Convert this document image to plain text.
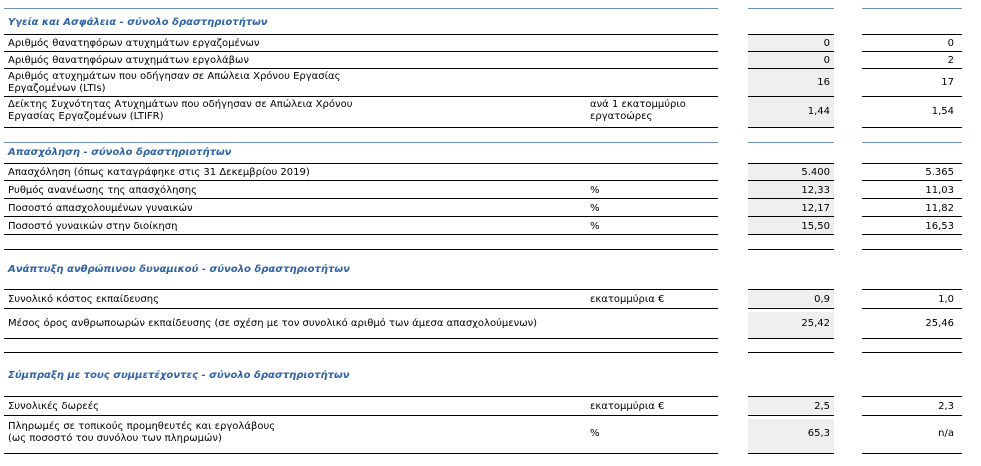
Υγεία και Ασφάλεια - σύνολο δραστηριοτήτων
Αριθμός θανατηφόρων ατυχημάτων εργαζομένων	0	0
Αριθμός θανατηφόρων ατυχημάτων εργολάβων	0	2
Αριθμός ατυχημάτων που οδήγησαν σε Απώλεια Χρόνου Εργασίας
Εργαζομένων (LTIs)
16	17
Δείκτης Συχνότητας Ατυχημάτων που οδήγησαν σε Απώλεια Χρόνου
Εργασίας Εργαζομένων (LTIFR)
ανά 1 εκατομμύριο
εργατοώρες	1,44	1,54
Απασχόληση - σύνολο δραστηριοτήτων
Απασχόληση (όπως καταγράφηκε στις 31 Δεκεμβρίου 2019)	5.400	5.365
Ρυθμός ανανέωσης της απασχόλησης	%	12,33	11,03
Ποσοστό απασχολουμένων γυναικών	%	12,17	11,82
Ποσοστό γυναικών στην διοίκηση	%	15,50	16,53
Ανάπτυξη ανθρώπινου δυναμικού - σύνολο δραστηριοτήτων
Συνολικό κόστος εκπαίδευσης	εκατομμύρια €	0,9	1,0
Μέσος όρος ανθρωποωρών εκπαίδευσης (σε σχέση με τον συνολικό αριθμό των άμεσα απασχολούμενων)	25,42	25,46
Σύμπραξη με τους συμμετέχοντες - σύνολο δραστηριοτήτων
Συνολικές δωρεές	εκατομμύρια €	2,5	2,3
Πληρωμές σε τοπικούς προμηθευτές και εργολάβους
(ως ποσοστό του συνόλου των πληρωμών)	%	65,3	n/a
